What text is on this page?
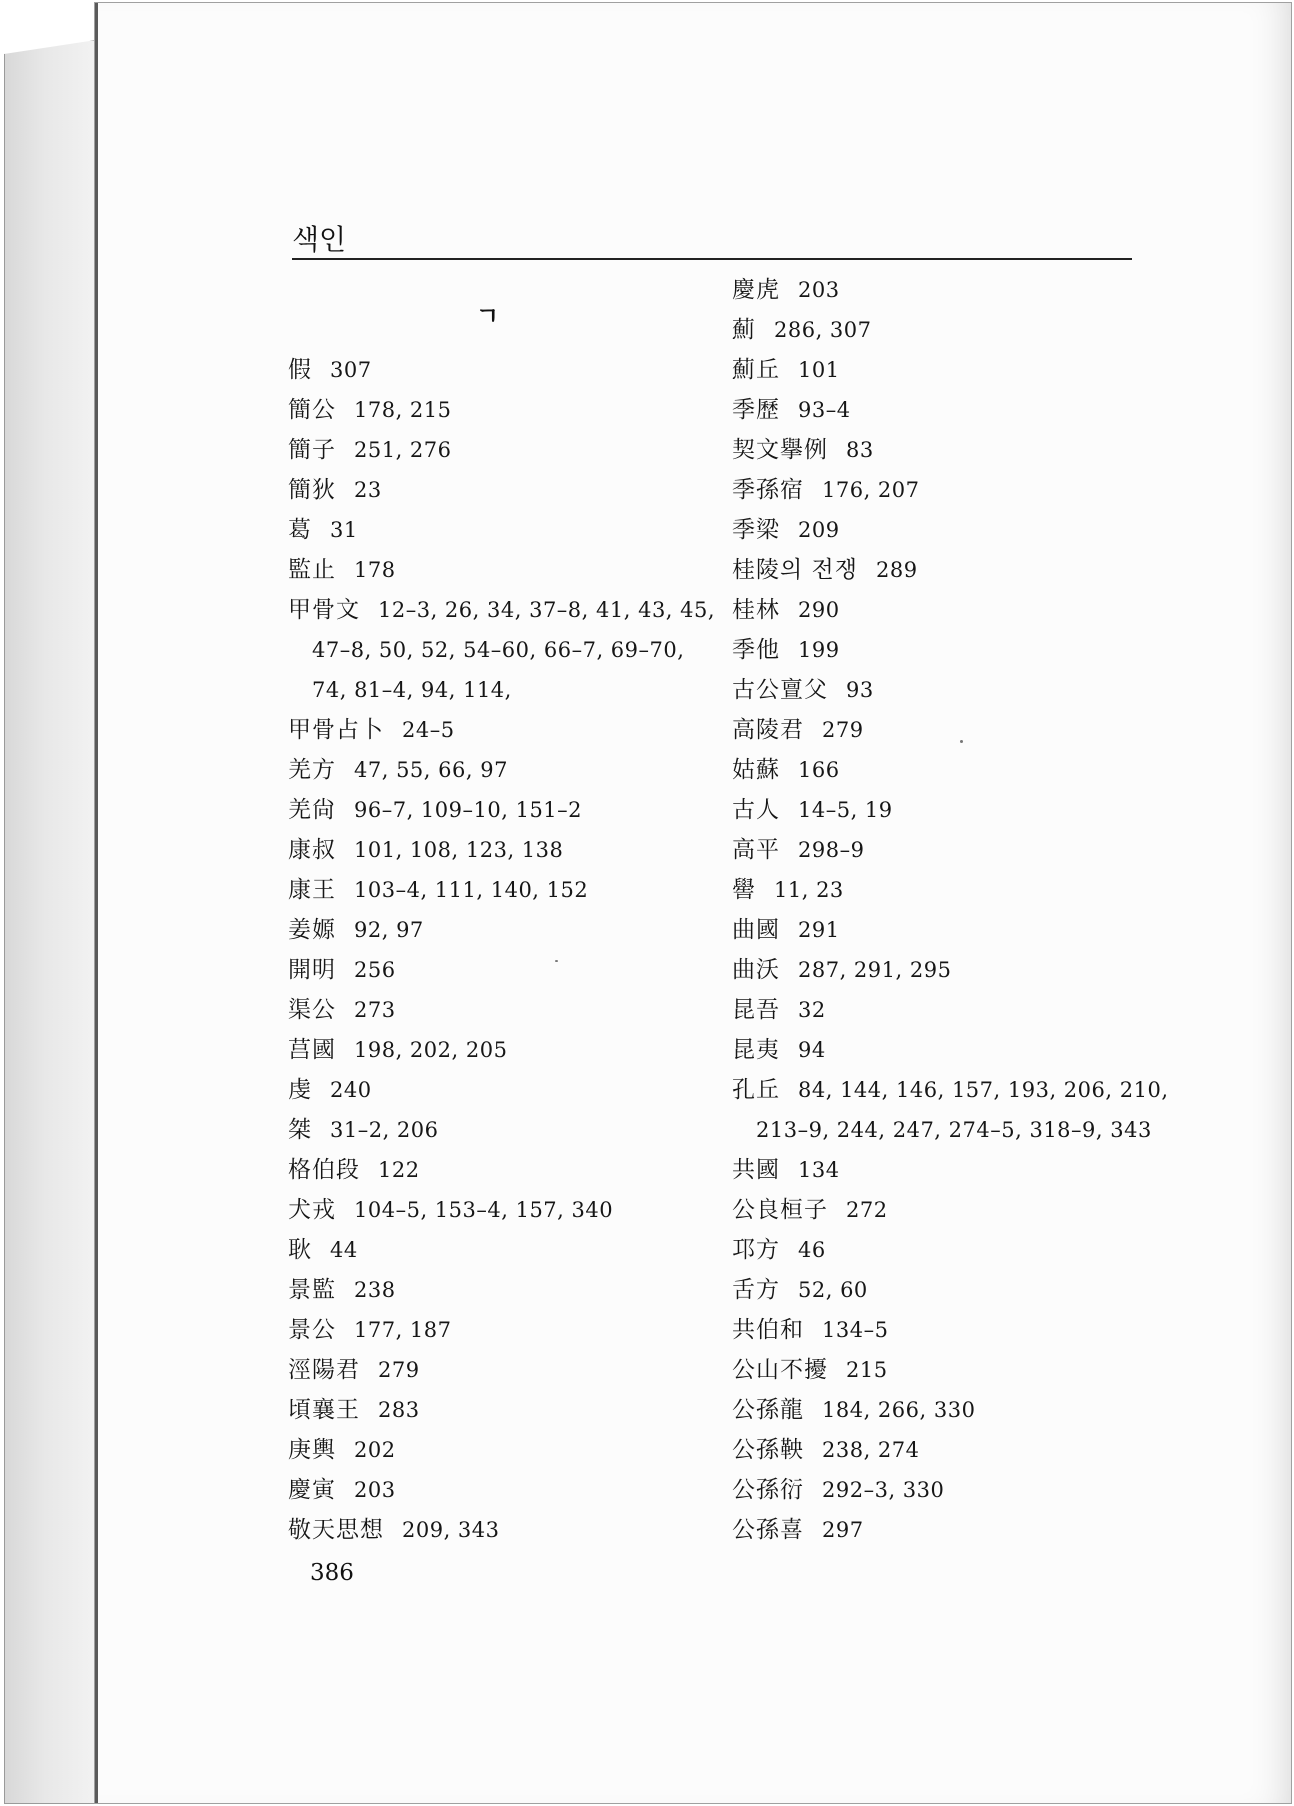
색인
ㄱ
假 307
簡公 178, 215
簡子 251, 276
簡狄 23
葛 31
監止 178
甲骨文 12–3, 26, 34, 37–8, 41, 43, 45,
47–8, 50, 52, 54–60, 66–7, 69–70,
74, 81–4, 94, 114,
甲骨占卜 24–5
羌方 47, 55, 66, 97
羌尙 96–7, 109–10, 151–2
康叔 101, 108, 123, 138
康王 103–4, 111, 140, 152
姜嫄 92, 97
開明 256
渠公 273
莒國 198, 202, 205
虔 240
桀 31–2, 206
格伯段 122
犬戎 104–5, 153–4, 157, 340
耿 44
景監 238
景公 177, 187
涇陽君 279
頃襄王 283
庚輿 202
慶寅 203
敬天思想 209, 343
慶虎 203
薊 286, 307
薊丘 101
季歷 93–4
契文擧例 83
季孫宿 176, 207
季梁 209
桂陵의 전쟁 289
桂林 290
季他 199
古公亶父 93
高陵君 279
姑蘇 166
古人 14–5, 19
高平 298–9
嚳 11, 23
曲國 291
曲沃 287, 291, 295
昆吾 32
昆夷 94
孔丘 84, 144, 146, 157, 193, 206, 210,
213–9, 244, 247, 274–5, 318–9, 343
共國 134
公良桓子 272
邛方 46
舌方 52, 60
共伯和 134–5
公山不擾 215
公孫龍 184, 266, 330
公孫鞅 238, 274
公孫衍 292–3, 330
公孫喜 297
386
